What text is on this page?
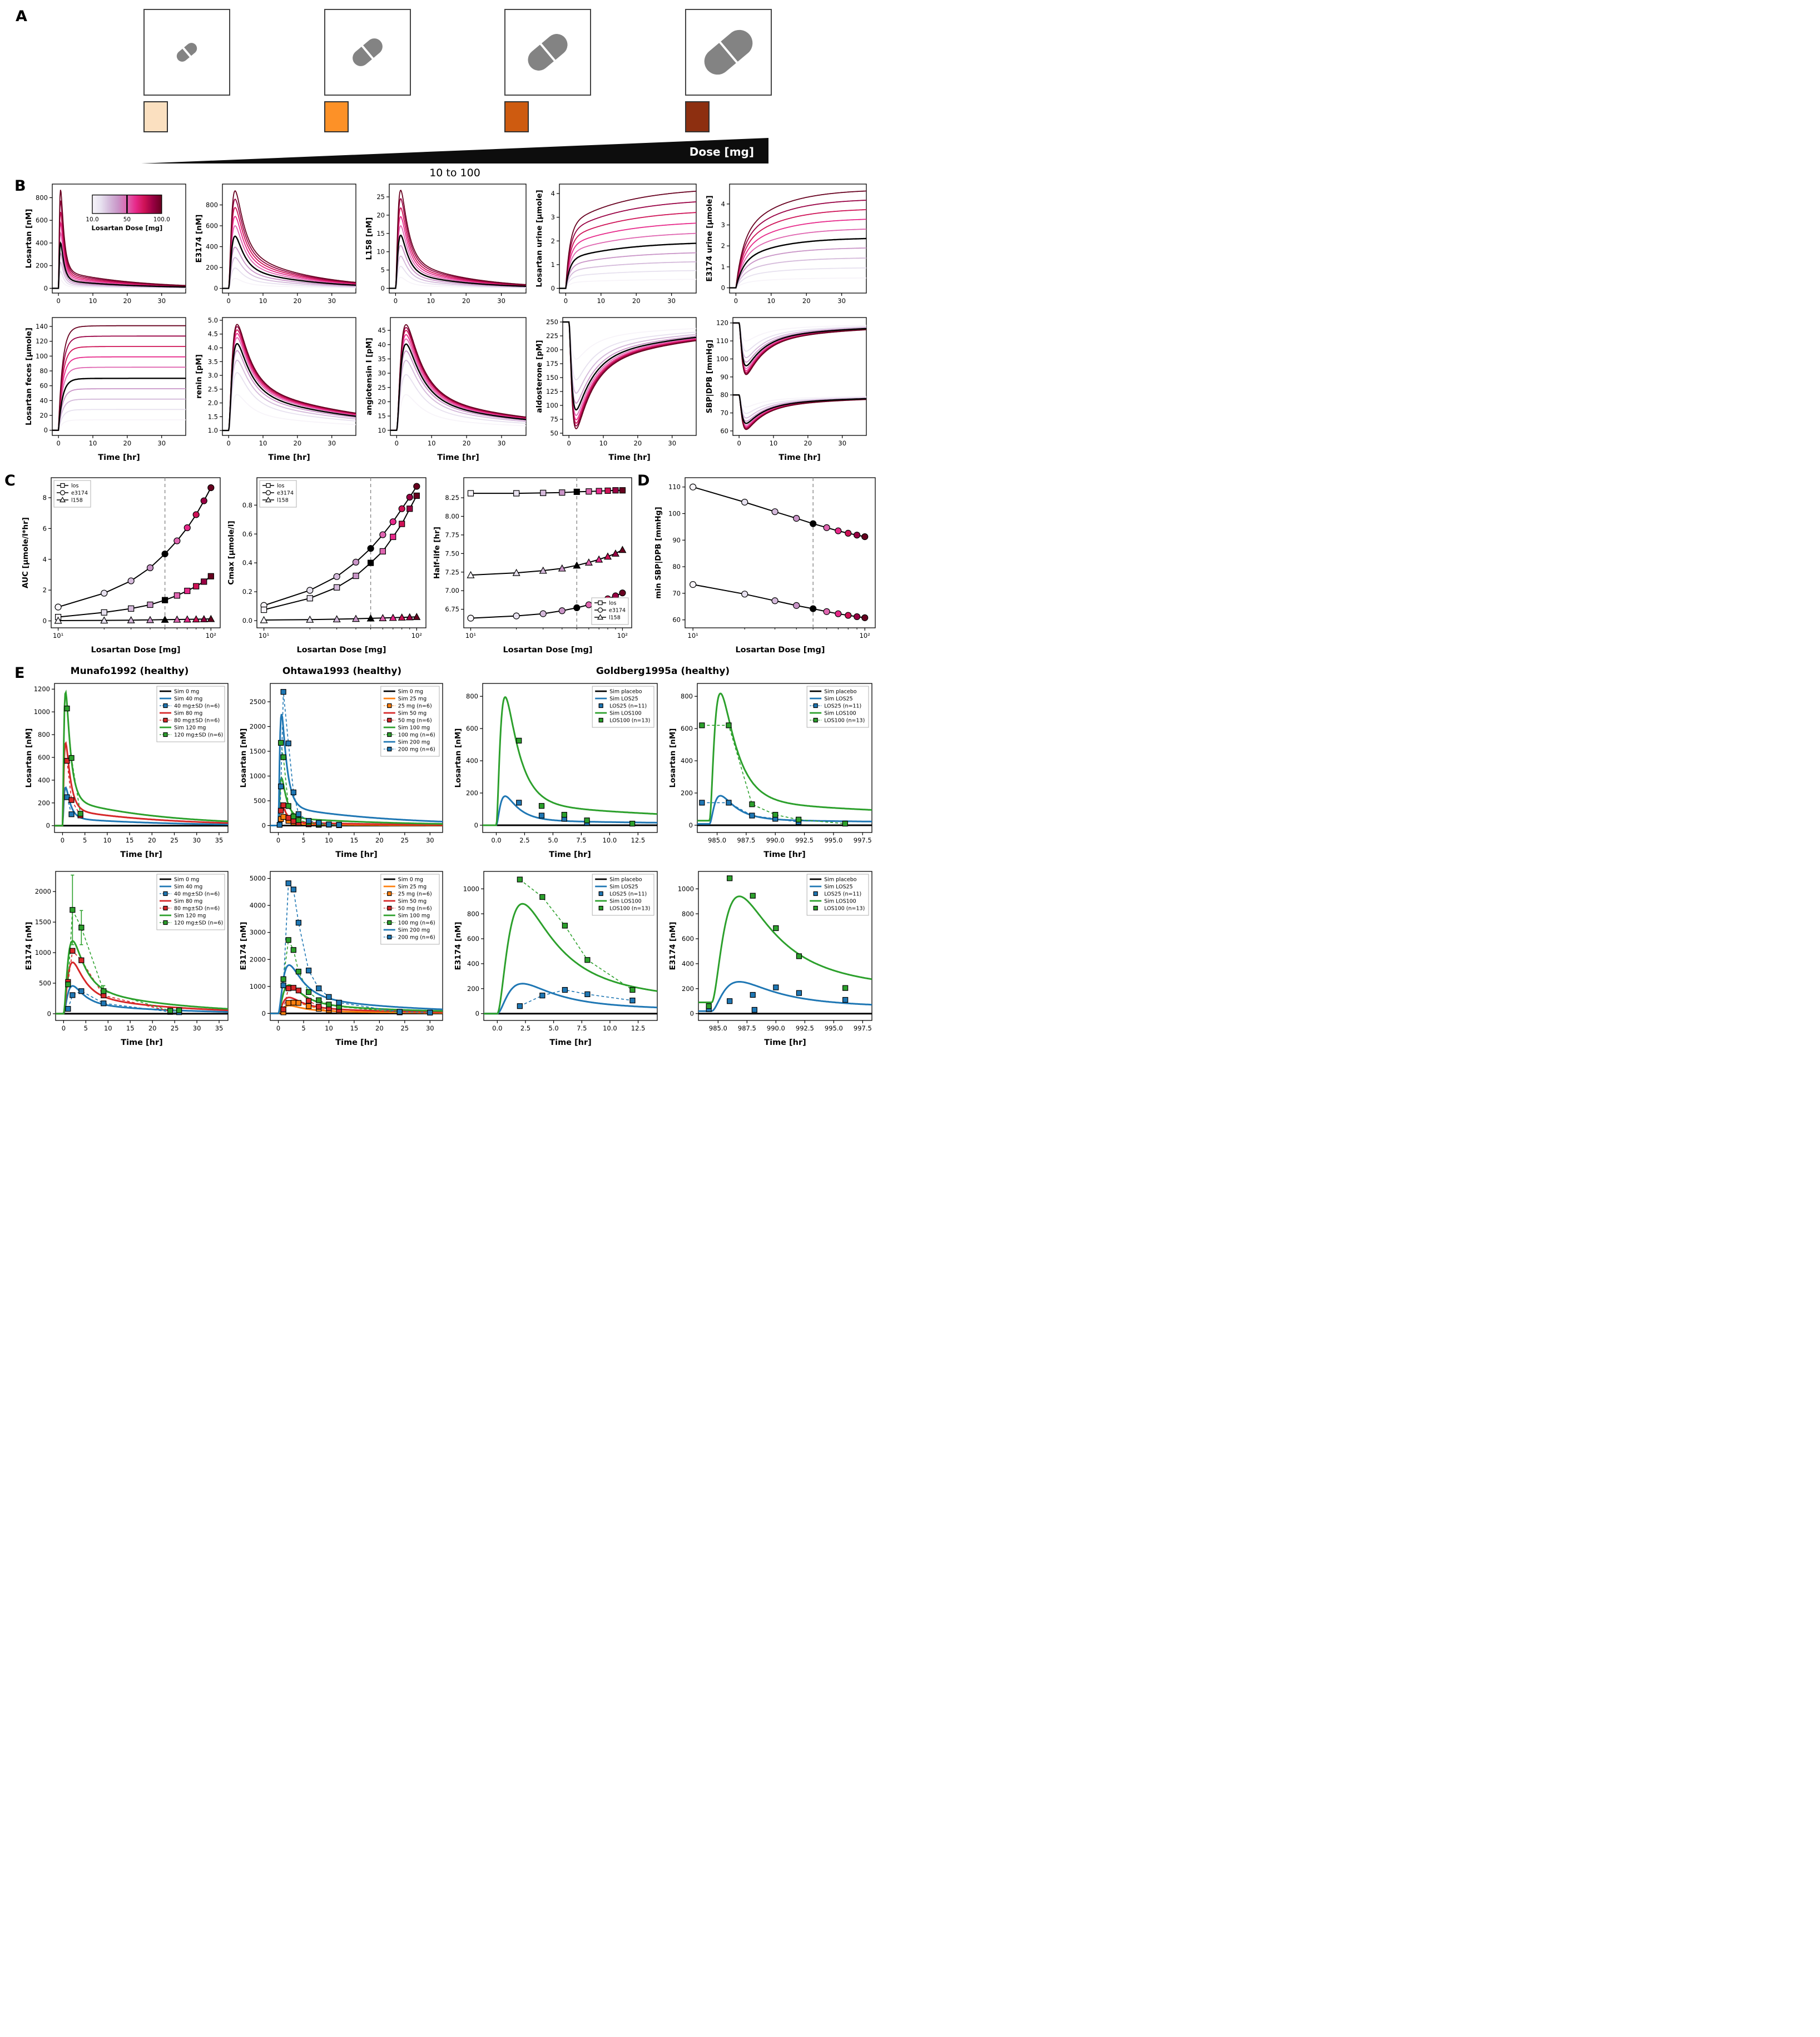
A
Dose [mg]
10 to 100
B
0	10	20	30
0
200
400
600
800
Losartan [nM]	10.0	50	100.0
Losartan Dose [mg]
0	10	20	30
0
200
400
600
800
E3174 [nM]
0	10	20	30
0
5
10
15
20
25
L158 [nM]
0	10	20	30
0
1
2
3
4
Losartan urine [µmole]
0	10	20	30
0
1
2
3
4
E3174 urine [µmole]
0	10	20	30
0
20
40
60
80
100
120
140
Losartan feces [µmole]
Time [hr]
0	10	20	30
1.0
1.5
2.0
2.5
3.0
3.5
4.0
4.5
5.0
renin [pM]
Time [hr]
0	10	20	30
10
15
20
25
30
35
40
45
angiotensin I [pM]
Time [hr]
0	10	20	30
50
75
100
125
150
175
200
225
250
aldosterone [pM]
Time [hr]
0	10	20	30
60
70
80
90
100
110
120
SBP|DPB [mmHg]
Time [hr]
C
10¹	10²
0
2
4
6
8
AUC [µmole/l*hr]
Losartan Dose [mg]
los
e3174
l158
10¹	10²
0.0
0.2
0.4
0.6
0.8
Cmax [µmole/l]
Losartan Dose [mg]
los
e3174
l158
10¹	10²
6.75
7.00
7.25
7.50
7.75
8.00
8.25
Half-life [hr]
Losartan Dose [mg]
los
e3174
l158
D
10¹	10²
60
70
80
90
100
110
min SBP|DPB [mmHg]
Losartan Dose [mg]
E	Munafo1992 (healthy)	Ohtawa1993 (healthy)	Goldberg1995a (healthy)
0	5	10 15 20 25 30 35
0
200
400
600
800
1000
1200
Losartan [nM]
Time [hr]
Sim 0 mg
Sim 40 mg
40 mg±SD (n=6)
Sim 80 mg
80 mg±SD (n=6)
Sim 120 mg
120 mg±SD (n=6)
0	5	10	15	20	25	30
0
500
1000
1500
2000
2500
Losartan [nM]
Time [hr]
Sim 0 mg
Sim 25 mg
25 mg (n=6)
Sim 50 mg
50 mg (n=6)
Sim 100 mg
100 mg (n=6)
Sim 200 mg
200 mg (n=6)
0.0	2.5	5.0	7.5	10.0 12.5
0
200
400
600
800
Losartan [nM]
Time [hr]
Sim placebo
Sim LOS25
LOS25 (n=11)
Sim LOS100
LOS100 (n=13)
985.0 987.5 990.0 992.5 995.0 997.5
0
200
400
600
800
Losartan [nM]
Time [hr]
Sim placebo
Sim LOS25
LOS25 (n=11)
Sim LOS100
LOS100 (n=13)
0	5	10 15 20 25 30 35
0
500
1000
1500
2000
E3174 [nM]
Time [hr]
Sim 0 mg
Sim 40 mg
40 mg±SD (n=6)
Sim 80 mg
80 mg±SD (n=6)
Sim 120 mg
120 mg±SD (n=6)
0	5	10	15	20	25	30
0
1000
2000
3000
4000
5000
E3174 [nM]
Time [hr]
Sim 0 mg
Sim 25 mg
25 mg (n=6)
Sim 50 mg
50 mg (n=6)
Sim 100 mg
100 mg (n=6)
Sim 200 mg
200 mg (n=6)
0.0	2.5	5.0	7.5 10.0 12.5
0
200
400
600
800
1000
E3174 [nM]
Time [hr]
Sim placebo
Sim LOS25
LOS25 (n=11)
Sim LOS100
LOS100 (n=13)
985.0 987.5 990.0 992.5 995.0 997.5
0
200
400
600
800
1000
E3174 [nM]
Time [hr]
Sim placebo
Sim LOS25
LOS25 (n=11)
Sim LOS100
LOS100 (n=13)
